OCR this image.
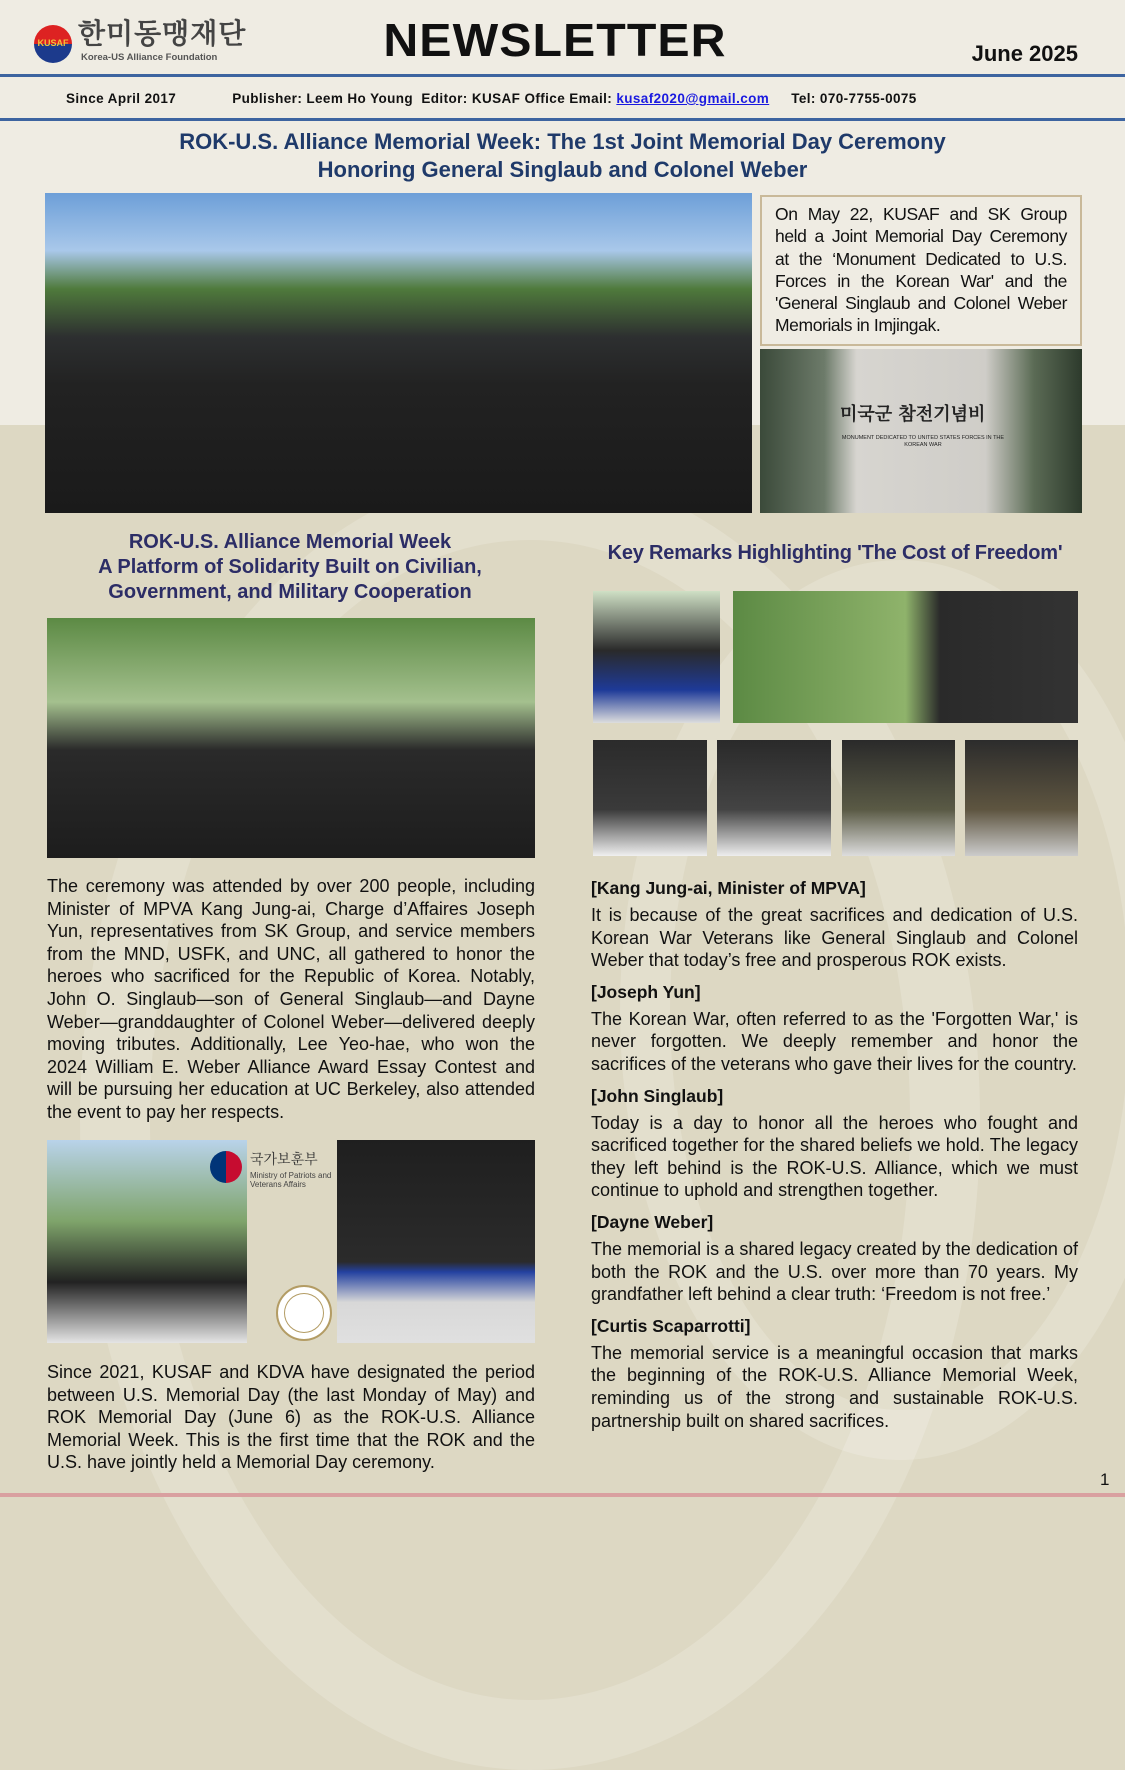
KUSAF 한미동맹재단
Korea-US Alliance Foundation	NEWSLETTER	June 2025
Since April 2017	Publisher: Leem Ho Young  Editor: KUSAF Office Email: kusaf2020@gmail.com Tel: 070-7755-0075
ROK-U.S. Alliance Memorial Week: The 1st Joint Memorial Day Ceremony
Honoring General Singlaub and Colonel Weber
미국군 참전기념비
MONUMENT DEDICATED TO UNITED STATES FORCES IN THE KOREAN WAR
On May 22, KUSAF and SK Group held a Joint Memorial Day Ceremony at the ‘Monument Dedicated to U.S. Forces in the Korean War' and the 'General Singlaub and Colonel Weber Memorials in Imjingak.
ROK-U.S. Alliance Memorial Week
A Platform of Solidarity Built on Civilian,
Government, and Military Cooperation
The ceremony was attended by over 200 people, including Minister of MPVA Kang Jung-ai, Charge d’Affaires Joseph Yun, representatives from SK Group, and service members from the MND, USFK, and UNC, all gathered to honor the heroes who sacrificed for the Republic of Korea. Notably, John O. Singlaub—son of General Singlaub—and Dayne Weber—granddaughter of Colonel Weber—delivered deeply moving tributes. Additionally, Lee Yeo-hae, who won the 2024 William E. Weber Alliance Award Essay Contest and will be pursuing her education at UC Berkeley, also attended the event to pay her respects.
국가보훈부
Ministry of Patriots and Veterans Affairs
Since 2021, KUSAF and KDVA have designated the period between U.S. Memorial Day (the last Monday of May) and ROK Memorial Day (June 6) as the ROK-U.S. Alliance Memorial Week. This is the first time that the ROK and the U.S. have jointly held a Memorial Day ceremony.
Key Remarks Highlighting 'The Cost of Freedom'
[Kang Jung-ai, Minister of MPVA]

It is because of the great sacrifices and dedication of U.S. Korean War Veterans like General Singlaub and Colonel Weber that today’s free and prosperous ROK exists.

[Joseph Yun]

The Korean War, often referred to as the 'Forgotten War,' is never forgotten. We deeply remember and honor the sacrifices of the veterans who gave their lives for the country.

[John Singlaub]

Today is a day to honor all the heroes who fought and sacrificed together for the shared beliefs we hold. The legacy they left behind is the ROK-U.S. Alliance, which we must continue to uphold and strengthen together.

[Dayne Weber]

The memorial is a shared legacy created by the dedication of both the ROK and the U.S. over more than 70 years. My grandfather left behind a clear truth: ‘Freedom is not free.’

[Curtis Scaparrotti]

The memorial service is a meaningful occasion that marks the beginning of the ROK-U.S. Alliance Memorial Week, reminding us of the strong and sustainable ROK-U.S. partnership built on shared sacrifices.

1
